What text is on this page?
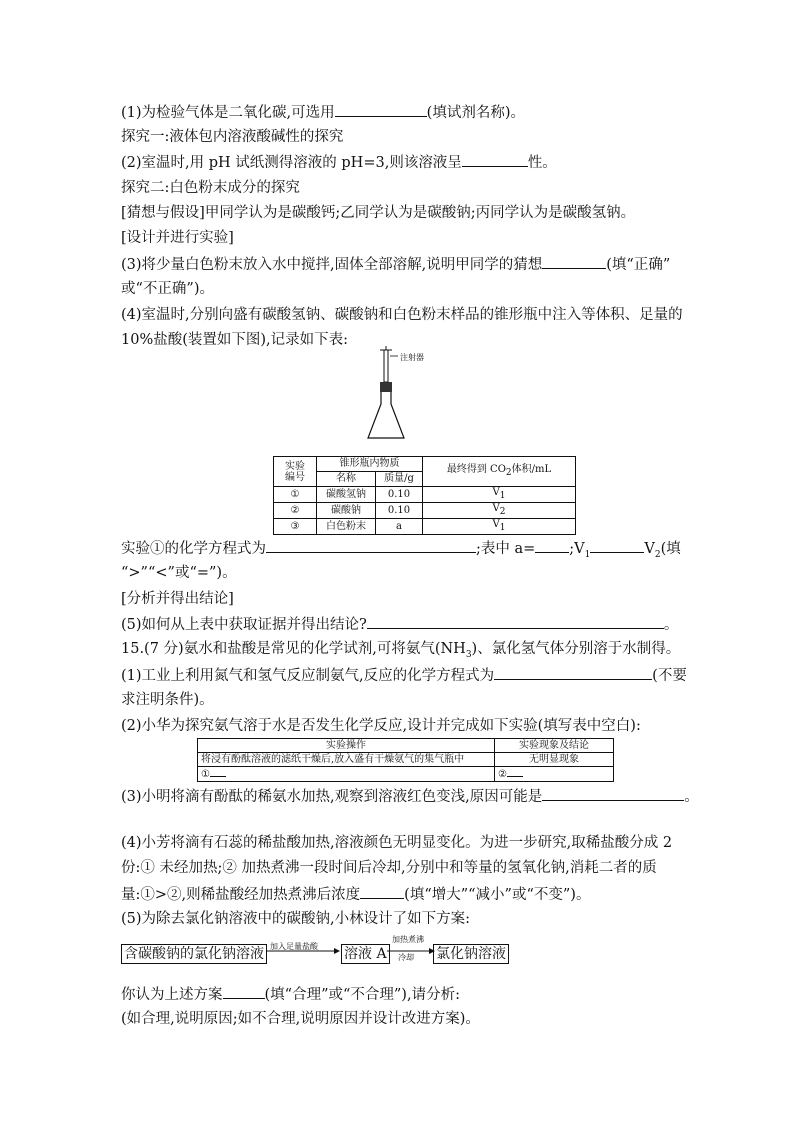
(1)为检验气体是二氧化碳,可选用	(填试剂名称)。
探究一:液体包内溶液酸碱性的探究
(2)室温时,用 pH 试纸测得溶液的 pH=3,则该溶液呈	性。
探究二:白色粉末成分的探究
[猜想与假设]甲同学认为是碳酸钙;乙同学认为是碳酸钠;丙同学认为是碳酸氢钠。
[设计并进行实验]
(3)将少量白色粉末放入水中搅拌,固体全部溶解,说明甲同学的猜想	(填“正确”
或“不正确”)。
(4)室温时,分别向盛有碳酸氢钠、碳酸钠和白色粉末样品的锥形瓶中注入等体积、足量的
10%盐酸(装置如下图),记录如下表:
注射器
实验
编号	锥形瓶内物质		最终得到 $CO_2$体积/mL
	名称	质量/g	
①	碳酸氢钠	0.10	$V_1$
②	碳酸钠	0.10	$V_2$
③	白色粉末	a	$V_1$
实验①的化学方程式为	;表中 $a= ;V_1$	$V_2$(填
“>”“<”或“=”)。
[分析并得出结论]
(5)如何从上表中获取证据并得出结论?	。
15.(7 分)氨水和盐酸是常见的化学试剂,可将氨气$(NH_3)$、氯化氢气体分别溶于水制得。
(1)工业上利用氮气和氢气反应制氨气,反应的化学方程式为	(不要
求注明条件)。
(2)小华为探究氨气溶于水是否发生化学反应,设计并完成如下实验(填写表中空白):
实验操作	实验现象及结论
将浸有酚酞溶液的滤纸干燥后,放入盛有干燥氨气的集气瓶中	无明显现象
①	②
(3)小明将滴有酚酞的稀氨水加热,观察到溶液红色变浅,原因可能是	。
(4)小芳将滴有石蕊的稀盐酸加热,溶液颜色无明显变化。为进一步研究,取稀盐酸分成 2
份:① 未经加热;② 加热煮沸一段时间后冷却,分别中和等量的氢氧化钠,消耗二者的质
量:①>②,则稀盐酸经加热煮沸后浓度	(填“增大”“减小”或“不变”)。
(5)为除去氯化钠溶液中的碳酸钠,小林设计了如下方案:
含碳酸钠的氯化钠溶液 加入足量盐酸 溶液 A
加热煮沸
冷却 氯化钠溶液
你认为上述方案	(填“合理”或“不合理”),请分析:
(如合理,说明原因;如不合理,说明原因并设计改进方案)。
